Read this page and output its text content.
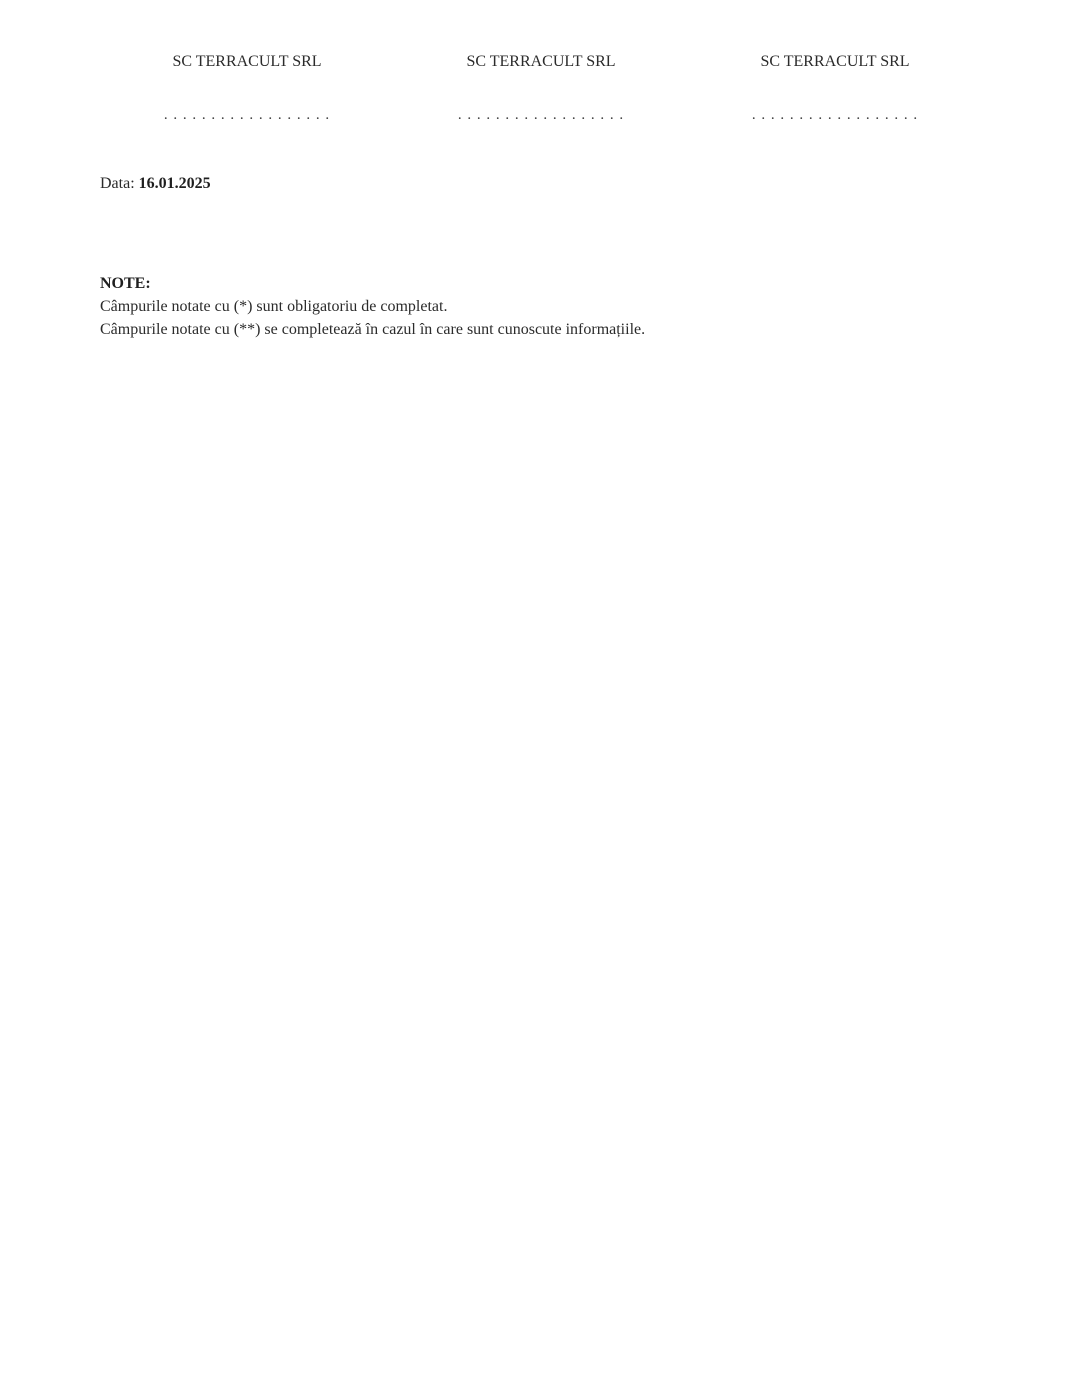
SC TERRACULT SRL
. . . . . . . . . . . . . . . . . .
SC TERRACULT SRL
. . . . . . . . . . . . . . . . . .
SC TERRACULT SRL
. . . . . . . . . . . . . . . . . .
Data: 16.01.2025
NOTE:
Câmpurile notate cu (*) sunt obligatoriu de completat.
Câmpurile notate cu (**) se completează în cazul în care sunt cunoscute informațiile.
